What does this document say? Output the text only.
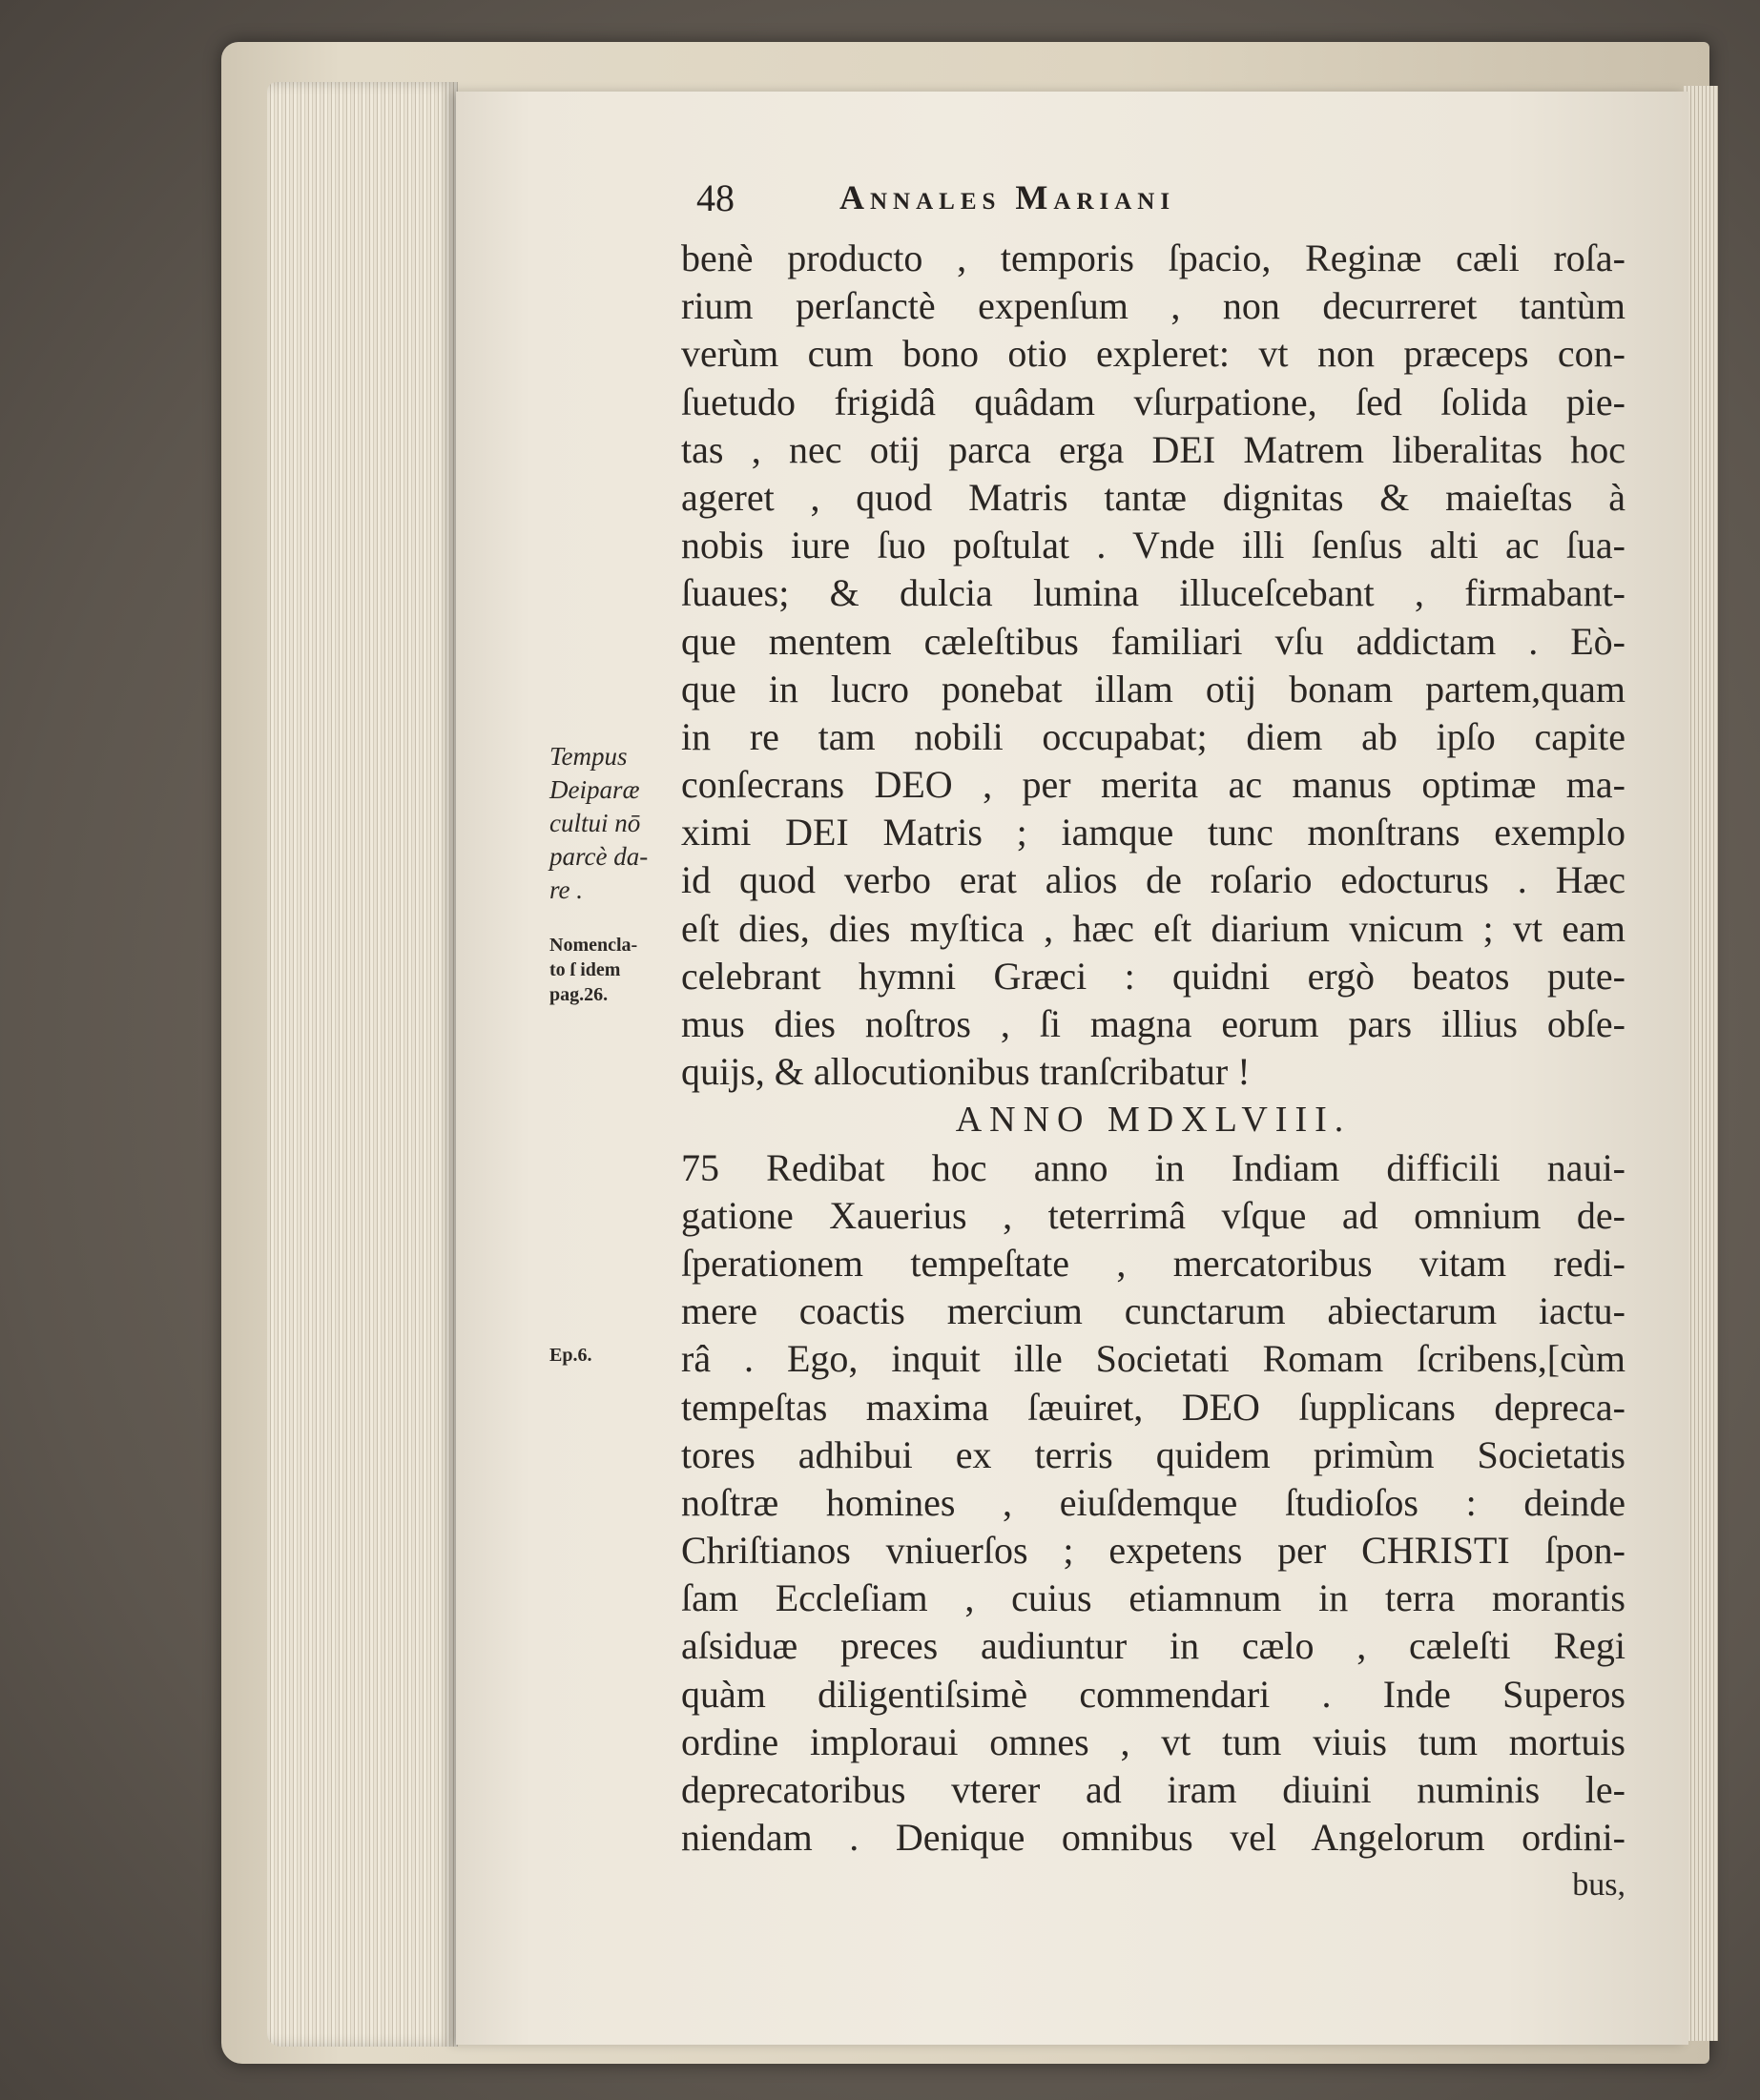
48	Annales Mariani
Tempus
Deiparæ
cultui nō
parcè da-
re .
Nomencla-
to ſ idem
pag.26.
Ep.6.
benè producto , temporis ſpacio, Reginæ cæli roſa-
rium perſanctè expenſum , non decurreret tantùm
verùm cum bono otio expleret: vt non præceps con-
ſuetudo frigidâ quâdam vſurpatione, ſed ſolida pie-
tas , nec otij parca erga DEI Matrem liberalitas hoc
ageret , quod Matris tantæ dignitas & maieſtas à
nobis iure ſuo poſtulat . Vnde illi ſenſus alti ac ſua-
ſuaues; & dulcia lumina illuceſcebant , firmabant-
que mentem cæleſtibus familiari vſu addictam . Eò-
que in lucro ponebat illam otij bonam partem,quam
in re tam nobili occupabat; diem ab ipſo capite
conſecrans DEO , per merita ac manus optimæ ma-
ximi DEI Matris ; iamque tunc monſtrans exemplo
id quod verbo erat alios de roſario edocturus . Hæc
eſt dies, dies myſtica , hæc eſt diarium vnicum ; vt eam
celebrant hymni Græci : quidni ergò beatos pute-
mus dies noſtros , ſi magna eorum pars illius obſe-
quijs, & allocutionibus tranſcribatur !
ANNO MDXLVIII.
75 Redibat hoc anno in Indiam difficili naui-
gatione Xauerius , teterrimâ vſque ad omnium de-
ſperationem tempeſtate , mercatoribus vitam redi-
mere coactis mercium cunctarum abiectarum iactu-
râ . Ego, inquit ille Societati Romam ſcribens,[cùm
tempeſtas maxima ſæuiret, DEO ſupplicans depreca-
tores adhibui ex terris quidem primùm Societatis
noſtræ homines , eiuſdemque ſtudioſos : deinde
Chriſtianos vniuerſos ; expetens per CHRISTI ſpon-
ſam Eccleſiam , cuius etiamnum in terra morantis
aſsiduæ preces audiuntur in cælo , cæleſti Regi
quàm diligentiſsimè commendari . Inde Superos
ordine imploraui omnes , vt tum viuis tum mortuis
deprecatoribus vterer ad iram diuini numinis le-
niendam . Denique omnibus vel Angelorum ordini-
bus,
